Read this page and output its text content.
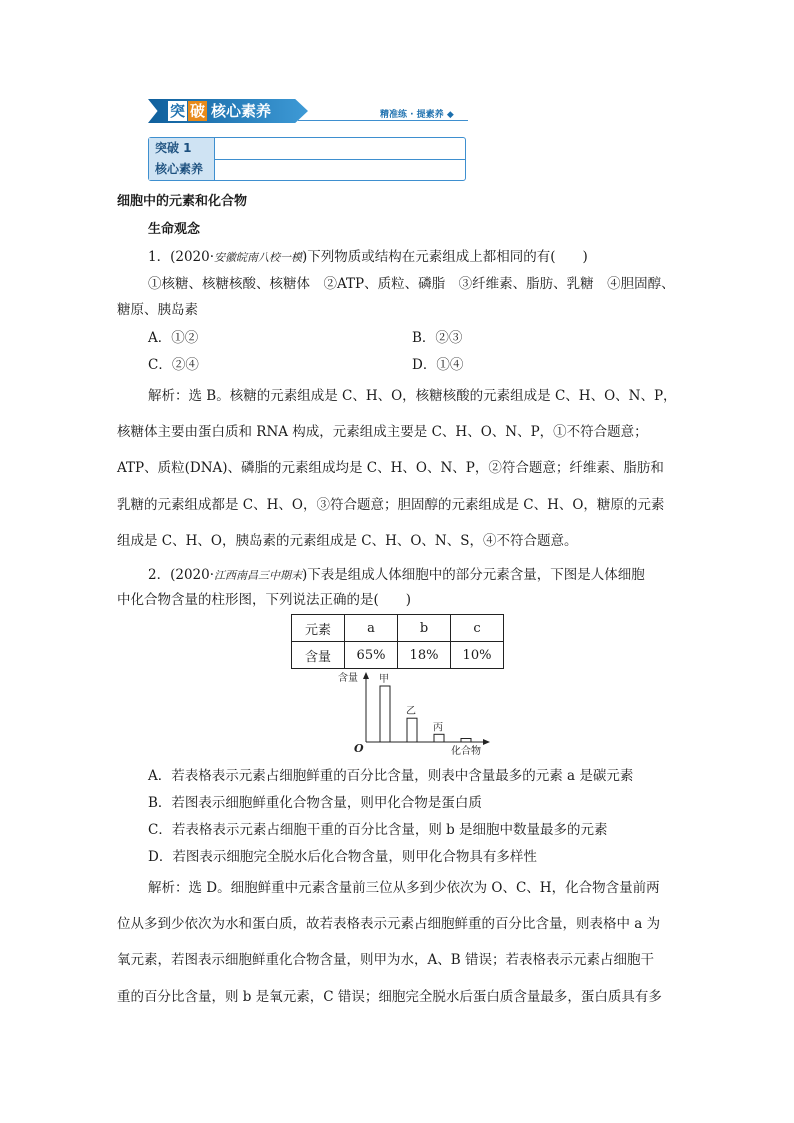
突 破 核心素养	精准练 · 提素养 ◆
突破 1
核心素养
细胞中的元素和化合物
生命观念
1．(2020·安徽皖南八校一模)下列物质或结构在元素组成上都相同的有(　　)
①核糖、核糖核酸、核糖体　②ATP、质粒、磷脂　③纤维素、脂肪、乳糖　④胆固醇、
糖原、胰岛素
A．①②	B．②③
C．②④	D．①④
解析：选 B。核糖的元素组成是 C、H、O，核糖核酸的元素组成是 C、H、O、N、P，
核糖体主要由蛋白质和 RNA 构成，元素组成主要是 C、H、O、N、P，①不符合题意；
ATP、质粒(DNA)、磷脂的元素组成均是 C、H、O、N、P，②符合题意；纤维素、脂肪和
乳糖的元素组成都是 C、H、O，③符合题意；胆固醇的元素组成是 C、H、O，糖原的元素
组成是 C、H、O，胰岛素的元素组成是 C、H、O、N、S，④不符合题意。
2．(2020·江西南昌三中期末)下表是组成人体细胞中的部分元素含量，下图是人体细胞
中化合物含量的柱形图，下列说法正确的是(　　)
元素	a	b	c
含量	65%	18%	10%
含量
化合物
O
甲
乙
丙
A．若表格表示元素占细胞鲜重的百分比含量，则表中含量最多的元素 a 是碳元素
B．若图表示细胞鲜重化合物含量，则甲化合物是蛋白质
C．若表格表示元素占细胞干重的百分比含量，则 b 是细胞中数量最多的元素
D．若图表示细胞完全脱水后化合物含量，则甲化合物具有多样性
解析：选 D。细胞鲜重中元素含量前三位从多到少依次为 O、C、H，化合物含量前两
位从多到少依次为水和蛋白质，故若表格表示元素占细胞鲜重的百分比含量，则表格中 a 为
氧元素，若图表示细胞鲜重化合物含量，则甲为水，A、B 错误；若表格表示元素占细胞干
重的百分比含量，则 b 是氧元素，C 错误；细胞完全脱水后蛋白质含量最多，蛋白质具有多
